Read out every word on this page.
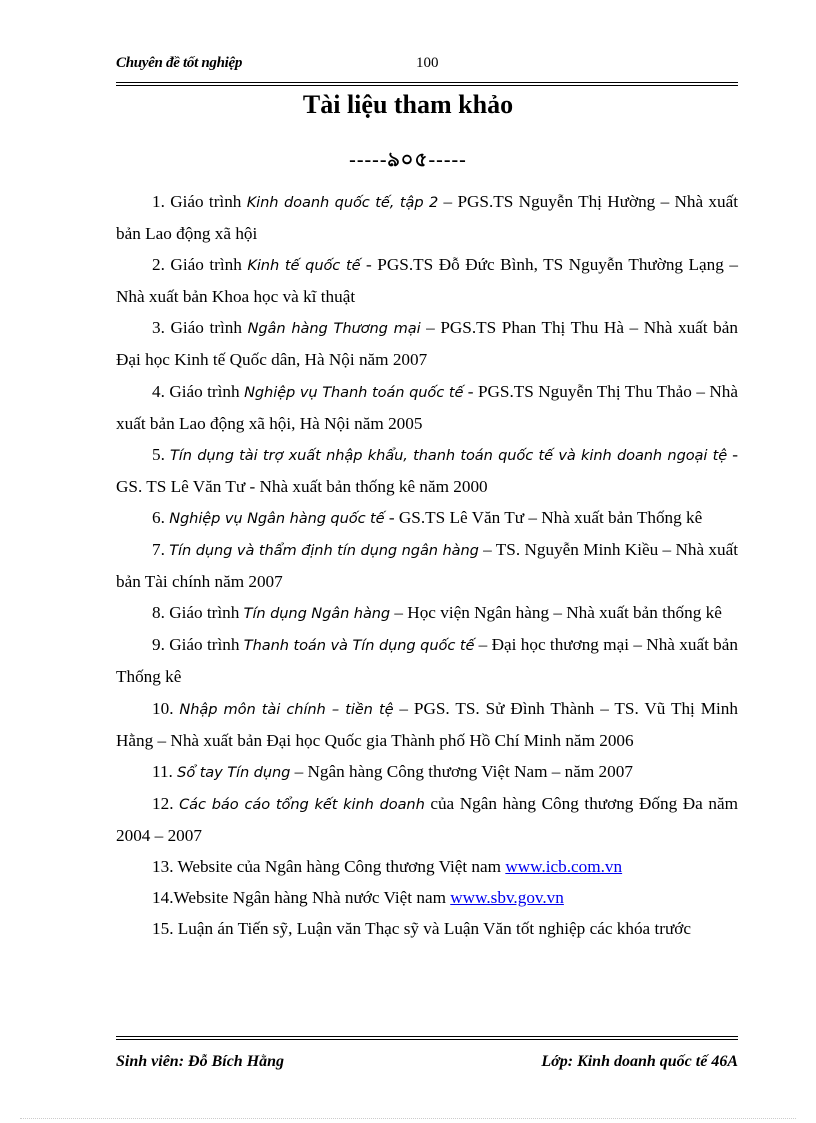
Chuyên đề tốt nghiệp	100
Tài liệu tham khảo
-----ঌ০৫-----

1. Giáo trình Kinh doanh quốc tế, tập 2 – PGS.TS Nguyễn Thị Hường – Nhà xuất bản Lao động xã hội

2. Giáo trình Kinh tế quốc tế - PGS.TS Đỗ Đức Bình, TS Nguyễn Thường Lạng – Nhà xuất bản Khoa học và kĩ thuật

3. Giáo trình Ngân hàng Thương mại – PGS.TS Phan Thị Thu Hà – Nhà xuất bản Đại học Kinh tế Quốc dân, Hà Nội năm 2007

4. Giáo trình Nghiệp vụ Thanh toán quốc tế - PGS.TS Nguyễn Thị Thu Thảo – Nhà xuất bản Lao động xã hội, Hà Nội năm 2005

5. Tín dụng tài trợ xuất nhập khẩu, thanh toán quốc tế và kinh doanh ngoại tệ - GS. TS Lê Văn Tư - Nhà xuất bản thống kê năm 2000

6. Nghiệp vụ Ngân hàng quốc tế - GS.TS Lê Văn Tư – Nhà xuất bản Thống kê

7. Tín dụng và thẩm định tín dụng ngân hàng – TS. Nguyễn Minh Kiều – Nhà xuất bản Tài chính năm 2007

8. Giáo trình Tín dụng Ngân hàng – Học viện Ngân hàng – Nhà xuất bản thống kê

9. Giáo trình Thanh toán và Tín dụng quốc tế – Đại học thương mại – Nhà xuất bản Thống kê

10. Nhập môn tài chính – tiền tệ – PGS. TS. Sử Đình Thành – TS. Vũ Thị Minh Hằng – Nhà xuất bản Đại học Quốc gia Thành phố Hồ Chí Minh năm 2006

11. Sổ tay Tín dụng – Ngân hàng Công thương Việt Nam – năm 2007

12. Các báo cáo tổng kết kinh doanh của Ngân hàng Công thương Đống Đa năm 2004 – 2007

13. Website của Ngân hàng Công thương Việt nam www.icb.com.vn

14.Website Ngân hàng Nhà nước Việt nam www.sbv.gov.vn

15. Luận án Tiến sỹ, Luận văn Thạc sỹ và Luận Văn tốt nghiệp các khóa trước

Sinh viên: Đỗ Bích Hằng	Lớp: Kinh doanh quốc tế 46A
